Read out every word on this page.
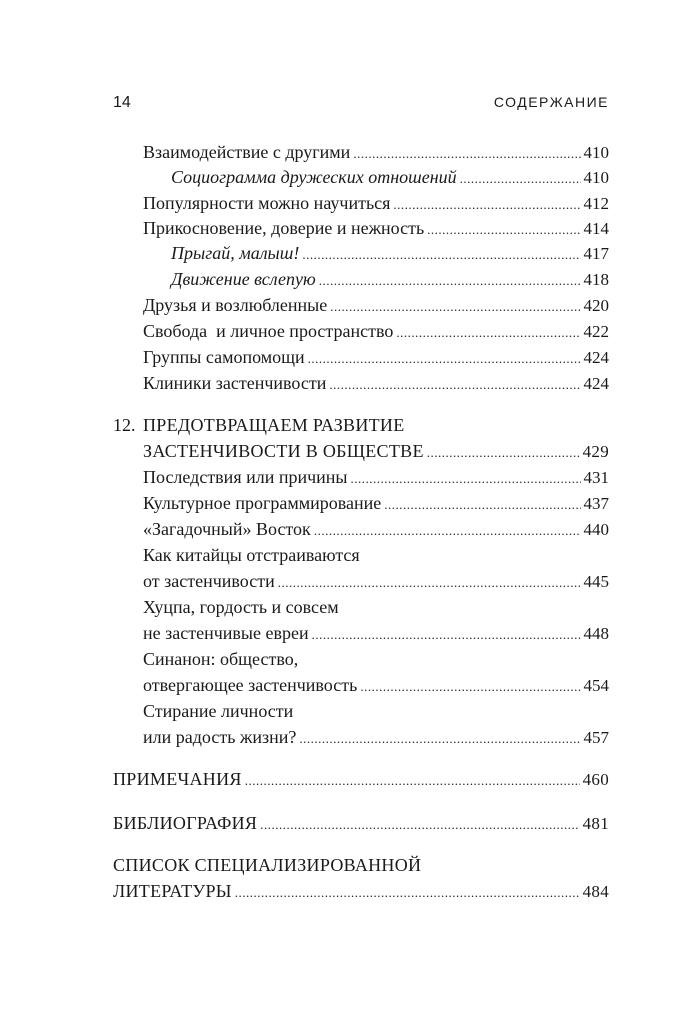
14	СОДЕРЖАНИЕ
Взаимодействие с другими .....	410
Социограмма дружеских отношений .....	410
Популярности можно научиться .....	412
Прикосновение, доверие и нежность .....	414
Прыгай, малыш! .....	417
Движение вслепую .....	418
Друзья и возлюбленные .....	420
Свобода  и личное пространство .....	422
Группы самопомощи .....	424
Клиники застенчивости .....	424
12. ПРЕДОТВРАЩАЕМ РАЗВИТИЕ
ЗАСТЕНЧИВОСТИ В ОБЩЕСТВЕ .....	429
Последствия или причины .....	431
Культурное программирование .....	437
«Загадочный» Восток .....	440
Как китайцы отстраиваются
от застенчивости .....	445
Хуцпа, гордость и совсем
не застенчивые евреи .....	448
Синанон: общество,
отвергающее застенчивость .....	454
Стирание личности
или радость жизни? .....	457
ПРИМЕЧАНИЯ .....	460
БИБЛИОГРАФИЯ .....	481
СПИСОК СПЕЦИАЛИЗИРОВАННОЙ
ЛИТЕРАТУРЫ .....	484
